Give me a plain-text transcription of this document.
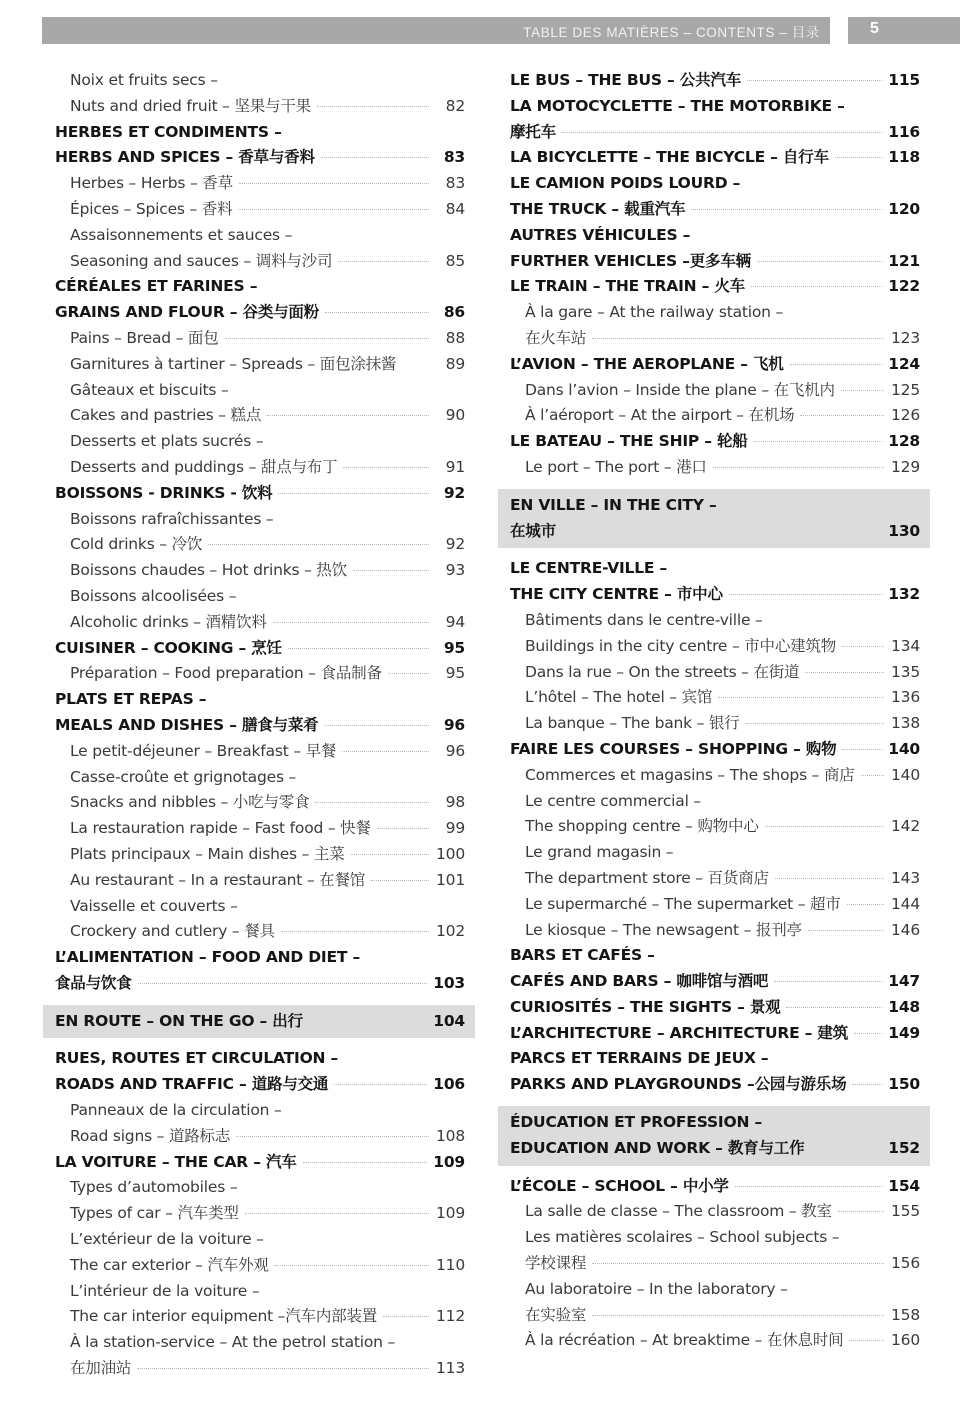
TABLE DES MATIÈRES – CONTENTS – 目录	5
Noix et fruits secs –
Nuts and dried fruit – 坚果与干果	82
HERBES ET CONDIMENTS –
HERBS AND SPICES – 香草与香料	83
Herbes – Herbs – 香草	83
Épices – Spices – 香料	84
Assaisonnements et sauces –
Seasoning and sauces – 调料与沙司	85
CÉRÉALES ET FARINES –
GRAINS AND FLOUR – 谷类与面粉	86
Pains – Bread – 面包	88
Garnitures à tartiner – Spreads – 面包涂抹酱	89
Gâteaux et biscuits –
Cakes and pastries – 糕点	90
Desserts et plats sucrés –
Desserts and puddings – 甜点与布丁	91
BOISSONS - DRINKS - 饮料	92
Boissons rafraîchissantes –
Cold drinks – 冷饮	92
Boissons chaudes – Hot drinks – 热饮	93
Boissons alcoolisées –
Alcoholic drinks – 酒精饮料	94
CUISINER – COOKING – 烹饪	95
Préparation – Food preparation – 食品制备	95
PLATS ET REPAS –
MEALS AND DISHES – 膳食与菜肴	96
Le petit-déjeuner – Breakfast – 早餐	96
Casse-croûte et grignotages –
Snacks and nibbles – 小吃与零食	98
La restauration rapide – Fast food – 快餐	99
Plats principaux – Main dishes – 主菜	100
Au restaurant – In a restaurant – 在餐馆	101
Vaisselle et couverts –
Crockery and cutlery – 餐具	102
L’ALIMENTATION – FOOD AND DIET –
食品与饮食	103
EN ROUTE – ON THE GO – 出行	104
RUES, ROUTES ET CIRCULATION –
ROADS AND TRAFFIC – 道路与交通	106
Panneaux de la circulation –
Road signs – 道路标志	108
LA VOITURE – THE CAR – 汽车	109
Types d’automobiles –
Types of car – 汽车类型	109
L’extérieur de la voiture –
The car exterior – 汽车外观	110
L’intérieur de la voiture –
The car interior equipment –汽车内部装置	112
À la station-service – At the petrol station –
在加油站	113
LE BUS – THE BUS – 公共汽车	115
LA MOTOCYCLETTE – THE MOTORBIKE –
摩托车	116
LA BICYCLETTE – THE BICYCLE – 自行车	118
LE CAMION POIDS LOURD –
THE TRUCK – 载重汽车	120
AUTRES VÉHICULES –
FURTHER VEHICLES –更多车辆	121
LE TRAIN – THE TRAIN – 火车	122
À la gare – At the railway station –
在火车站	123
L’AVION – THE AEROPLANE – 飞机	124
Dans l’avion – Inside the plane – 在飞机内	125
À l’aéroport – At the airport – 在机场	126
LE BATEAU – THE SHIP – 轮船	128
Le port – The port – 港口	129
EN VILLE – IN THE CITY –
在城市	130
LE CENTRE-VILLE –
THE CITY CENTRE – 市中心	132
Bâtiments dans le centre-ville –
Buildings in the city centre – 市中心建筑物	134
Dans la rue – On the streets – 在街道	135
L’hôtel – The hotel – 宾馆	136
La banque – The bank – 银行	138
FAIRE LES COURSES – SHOPPING – 购物	140
Commerces et magasins – The shops – 商店 140
Le centre commercial –
The shopping centre – 购物中心	142
Le grand magasin –
The department store – 百货商店	143
Le supermarché – The supermarket – 超市	144
Le kiosque – The newsagent – 报刊亭	146
BARS ET CAFÉS –
CAFÉS AND BARS – 咖啡馆与酒吧	147
CURIOSITÉS – THE SIGHTS – 景观	148
L’ARCHITECTURE – ARCHITECTURE – 建筑	149
PARCS ET TERRAINS DE JEUX –
PARKS AND PLAYGROUNDS –公园与游乐场	150
ÉDUCATION ET PROFESSION –
EDUCATION AND WORK – 教育与工作	152
L’ÉCOLE – SCHOOL – 中小学	154
La salle de classe – The classroom – 教室	155
Les matières scolaires – School subjects –
学校课程	156
Au laboratoire – In the laboratory –
在实验室	158
À la récréation – At breaktime – 在休息时间	160
